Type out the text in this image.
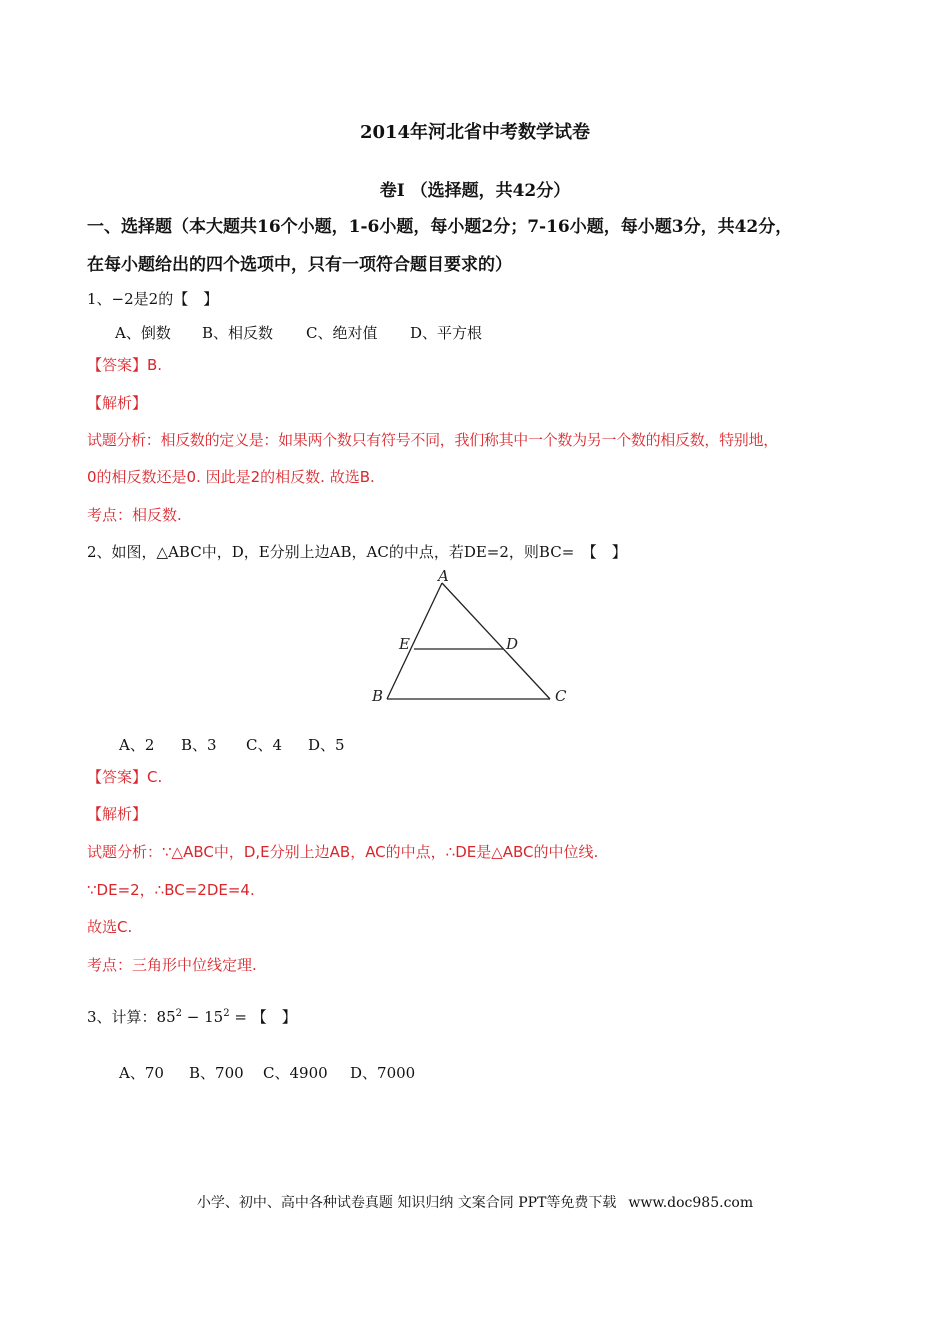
2014年河北省中考数学试卷
卷I （选择题，共42分）
一、选择题（本大题共16个小题，1-6小题，每小题2分；7-16小题，每小题3分，共42分，
在每小题给出的四个选项中，只有一项符合题目要求的）
1、−2是2的【　】
A、倒数 B、相反数 C、绝对值 D、平方根
【答案】B.
【解析】
试题分析：相反数的定义是：如果两个数只有符号不同，我们称其中一个数为另一个数的相反数，特别地，
0的相反数还是0. 因此是2的相反数. 故选B.
考点：相反数.
2、如图，△ABC中，D，E分别上边AB，AC的中点，若DE=2，则BC=　【　】
A
E	D
B	C
A、2 B、3 C、4 D、5
【答案】C.
【解析】
试题分析：∵△ABC中，D,E分别上边AB，AC的中点，∴DE是△ABC的中位线.
∵DE=2，∴BC=2DE=4.
故选C.
考点：三角形中位线定理.
3、计算：$85^2 - 15^2$ = 【　】
A、70 B、700 C、4900 D、7000
小学、初中、高中各种试卷真题 知识归纳 文案合同 PPT等免费下载 www.doc985.com
